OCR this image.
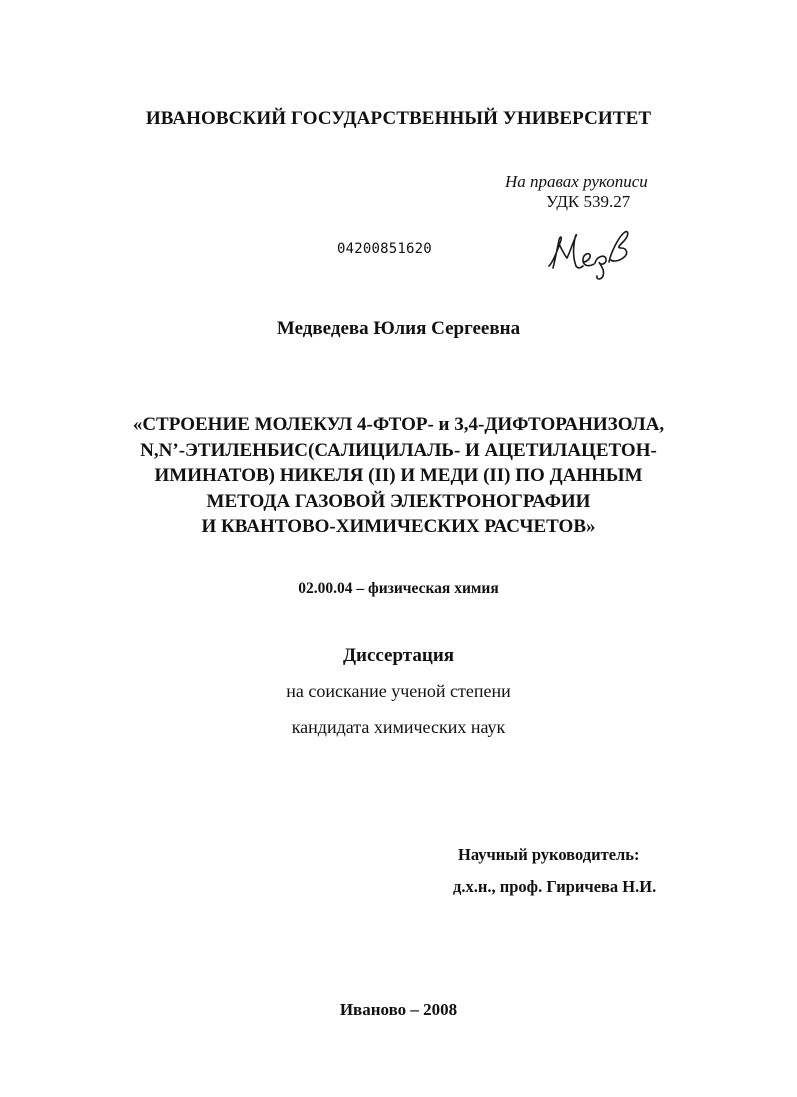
ИВАНОВСКИЙ ГОСУДАРСТВЕННЫЙ УНИВЕРСИТЕТ
На правах рукописи
УДК 539.27
04200851620
Медведева Юлия Сергеевна
«СТРОЕНИЕ МОЛЕКУЛ 4-ФТОР- и 3,4-ДИФТОРАНИЗОЛА,
N,N’-ЭТИЛЕНБИС(САЛИЦИЛАЛЬ- И АЦЕТИЛАЦЕТОН-
ИМИНАТОВ) НИКЕЛЯ (II) И МЕДИ (II) ПО ДАННЫМ
МЕТОДА ГАЗОВОЙ ЭЛЕКТРОНОГРАФИИ
И КВАНТОВО-ХИМИЧЕСКИХ РАСЧЕТОВ»
02.00.04 – физическая химия
Диссертация
на соискание ученой степени
кандидата химических наук
Научный руководитель:
д.х.н., проф. Гиричева Н.И.
Иваново – 2008
